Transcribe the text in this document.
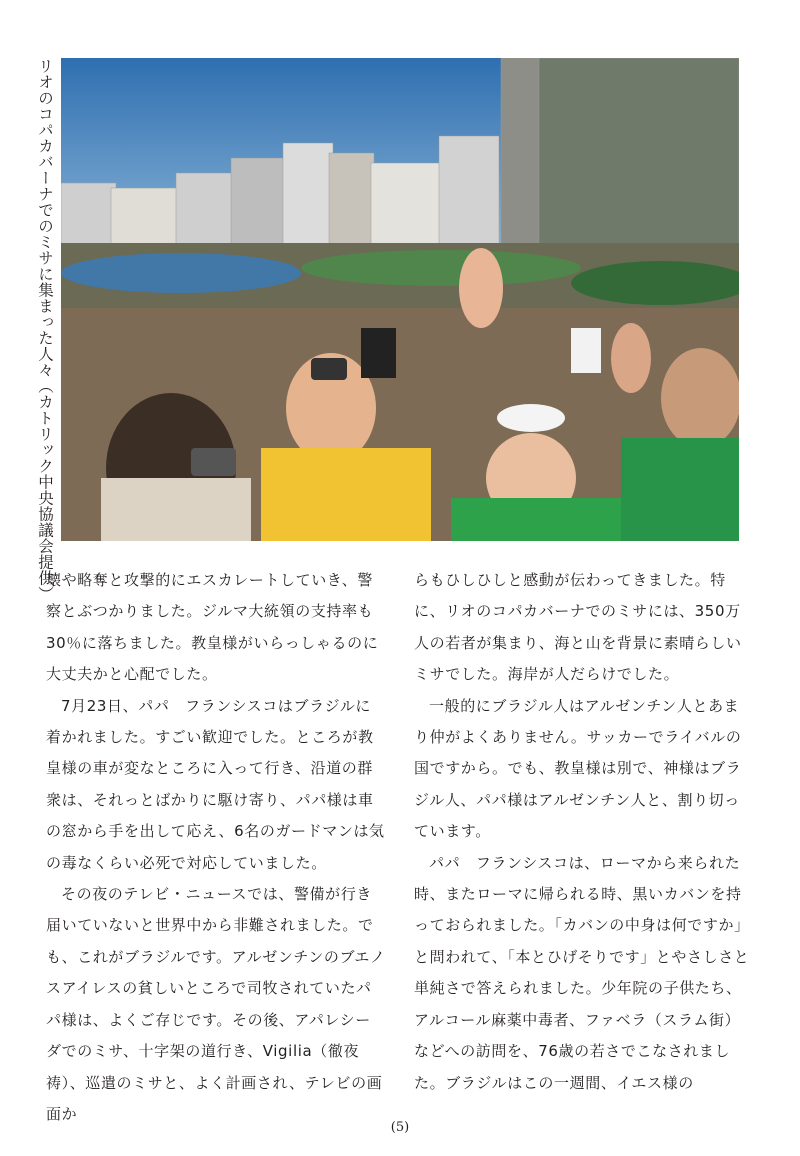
リオのコパカバーナでのミサに集まった人々（カトリック中央協議会提供）

壊や略奪と攻撃的にエスカレートしていき、警察とぶつかりました。ジルマ大統領の支持率も30％に落ちました。教皇様がいらっしゃるのに大丈夫かと心配でした。

7月23日、パパ　フランシスコはブラジルに着かれました。すごい歓迎でした。ところが教皇様の車が変なところに入って行き、沿道の群衆は、それっとばかりに駆け寄り、パパ様は車の窓から手を出して応え、6名のガードマンは気の毒なくらい必死で対応していました。

その夜のテレビ・ニュースでは、警備が行き届いていないと世界中から非難されました。でも、これがブラジルです。アルゼンチンのブエノスアイレスの貧しいところで司牧されていたパパ様は、よくご存じです。その後、アパレシーダでのミサ、十字架の道行き、Vigilia（徹夜祷）、巡遣のミサと、よく計画され、テレビの画面か

らもひしひしと感動が伝わってきました。特に、リオのコパカバーナでのミサには、350万人の若者が集まり、海と山を背景に素晴らしいミサでした。海岸が人だらけでした。

一般的にブラジル人はアルゼンチン人とあまり仲がよくありません。サッカーでライバルの国ですから。でも、教皇様は別で、神様はブラジル人、パパ様はアルゼンチン人と、割り切っています。

パパ　フランシスコは、ローマから来られた時、またローマに帰られる時、黒いカバンを持っておられました。「カバンの中身は何ですか」と問われて、「本とひげそりです」とやさしさと単純さで答えられました。少年院の子供たち、アルコール麻薬中毒者、ファベラ（スラム街）などへの訪問を、76歳の若さでこなされました。ブラジルはこの一週間、イエス様の

(5)
